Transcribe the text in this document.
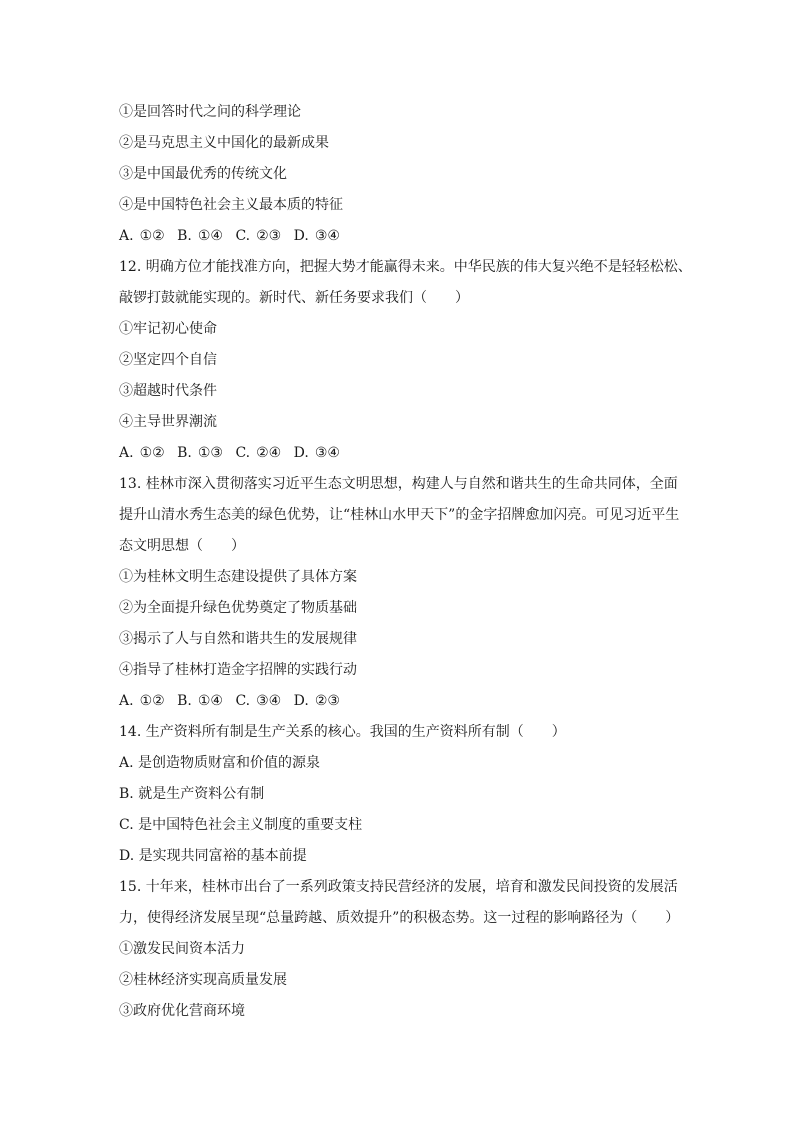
①是回答时代之问的科学理论
②是马克思主义中国化的最新成果
③是中国最优秀的传统文化
④是中国特色社会主义最本质的特征
A. ①② B. ①④ C. ②③ D. ③④
12. 明确方位才能找准方向，把握大势才能赢得未来。中华民族的伟大复兴绝不是轻轻松松、
敲锣打鼓就能实现的。新时代、新任务要求我们（　　）
①牢记初心使命
②坚定四个自信
③超越时代条件
④主导世界潮流
A. ①② B. ①③ C. ②④ D. ③④
13. 桂林市深入贯彻落实习近平生态文明思想，构建人与自然和谐共生的生命共同体，全面
提升山清水秀生态美的绿色优势，让“桂林山水甲天下”的金字招牌愈加闪亮。可见习近平生
态文明思想（　　）
①为桂林文明生态建设提供了具体方案
②为全面提升绿色优势奠定了物质基础
③揭示了人与自然和谐共生的发展规律
④指导了桂林打造金字招牌的实践行动
A. ①② B. ①④ C. ③④ D. ②③
14. 生产资料所有制是生产关系的核心。我国的生产资料所有制（　　）
A. 是创造物质财富和价值的源泉
B. 就是生产资料公有制
C. 是中国特色社会主义制度的重要支柱
D. 是实现共同富裕的基本前提
15. 十年来，桂林市出台了一系列政策支持民营经济的发展，培育和激发民间投资的发展活
力，使得经济发展呈现“总量跨越、质效提升”的积极态势。这一过程的影响路径为（　　）
①激发民间资本活力
②桂林经济实现高质量发展
③政府优化营商环境
